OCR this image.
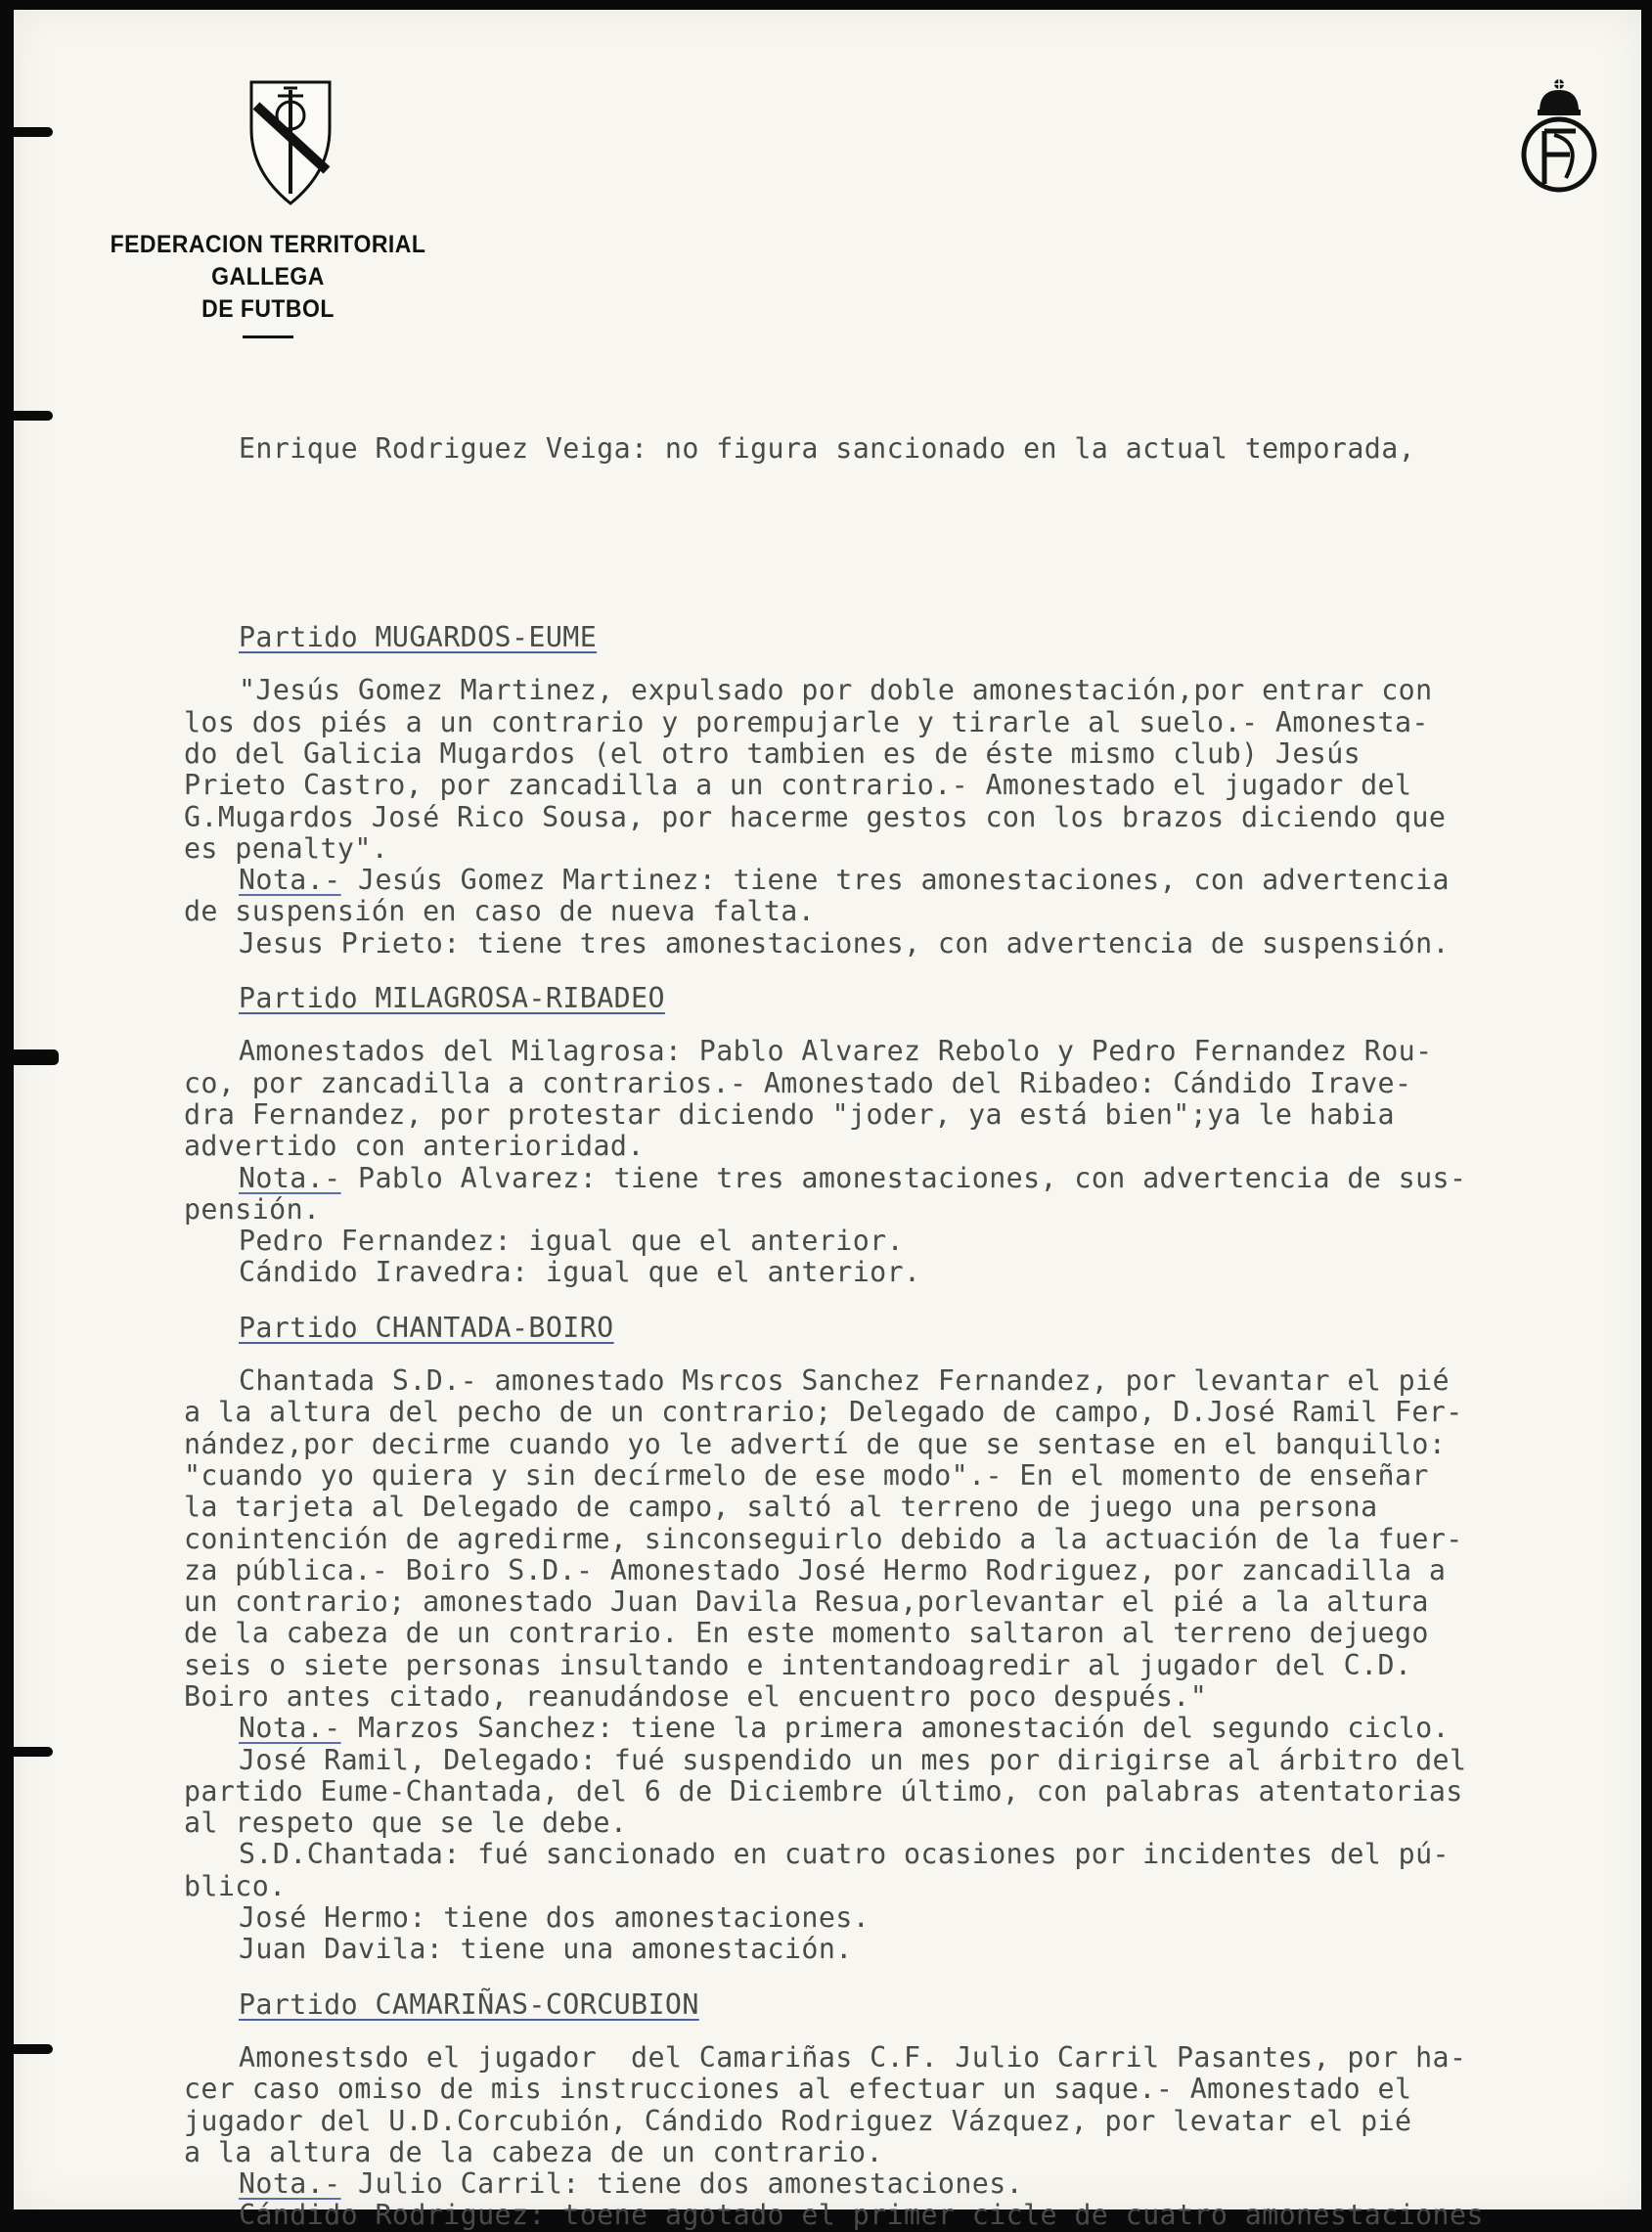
FEDERACION TERRITORIAL GALLEGA
DE FUTBOL

Enrique Rodriguez Veiga: no figura sancionado en la actual temporada,

Partido MUGARDOS-EUME
"Jesús Gomez Martinez, expulsado por doble amonestación,por entrar con
los dos piés a un contrario y porempujarle y tirarle al suelo.- Amonesta-
do del Galicia Mugardos (el otro tambien es de éste mismo club) Jesús
Prieto Castro, por zancadilla a un contrario.- Amonestado el jugador del
G.Mugardos José Rico Sousa, por hacerme gestos con los brazos diciendo que
es penalty".
Nota.- Jesús Gomez Martinez: tiene tres amonestaciones, con advertencia
de suspensión en caso de nueva falta.
Jesus Prieto: tiene tres amonestaciones, con advertencia de suspensión.
Partido MILAGROSA-RIBADEO
Amonestados del Milagrosa: Pablo Alvarez Rebolo y Pedro Fernandez Rou-
co, por zancadilla a contrarios.- Amonestado del Ribadeo: Cándido Irave-
dra Fernandez, por protestar diciendo "joder, ya está bien";ya le habia
advertido con anterioridad.
Nota.- Pablo Alvarez: tiene tres amonestaciones, con advertencia de sus-
pensión.
Pedro Fernandez: igual que el anterior.
Cándido Iravedra: igual que el anterior.
Partido CHANTADA-BOIRO
Chantada S.D.- amonestado Msrcos Sanchez Fernandez, por levantar el pié
a la altura del pecho de un contrario; Delegado de campo, D.José Ramil Fer-
nández,por decirme cuando yo le advertí de que se sentase en el banquillo:
"cuando yo quiera y sin decírmelo de ese modo".- En el momento de enseñar
la tarjeta al Delegado de campo, saltó al terreno de juego una persona
conintención de agredirme, sinconseguirlo debido a la actuación de la fuer-
za pública.- Boiro S.D.- Amonestado José Hermo Rodriguez, por zancadilla a
un contrario; amonestado Juan Davila Resua,porlevantar el pié a la altura
de la cabeza de un contrario. En este momento saltaron al terreno dejuego
seis o siete personas insultando e intentandoagredir al jugador del C.D.
Boiro antes citado, reanudándose el encuentro poco después."
Nota.- Marzos Sanchez: tiene la primera amonestación del segundo ciclo.
José Ramil, Delegado: fué suspendido un mes por dirigirse al árbitro del
partido Eume-Chantada, del 6 de Diciembre último, con palabras atentatorias
al respeto que se le debe.
S.D.Chantada: fué sancionado en cuatro ocasiones por incidentes del pú-
blico.
José Hermo: tiene dos amonestaciones.
Juan Davila: tiene una amonestación.
Partido CAMARIÑAS-CORCUBION
Amonestsdo el jugador  del Camariñas C.F. Julio Carril Pasantes, por ha-
cer caso omiso de mis instrucciones al efectuar un saque.- Amonestado el
jugador del U.D.Corcubión, Cándido Rodriguez Vázquez, por levatar el pié
a la altura de la cabeza de un contrario.
Nota.- Julio Carril: tiene dos amonestaciones.
Cándido Rodriguez: toene agotado el primer cicle de cuatro amonestaciones
